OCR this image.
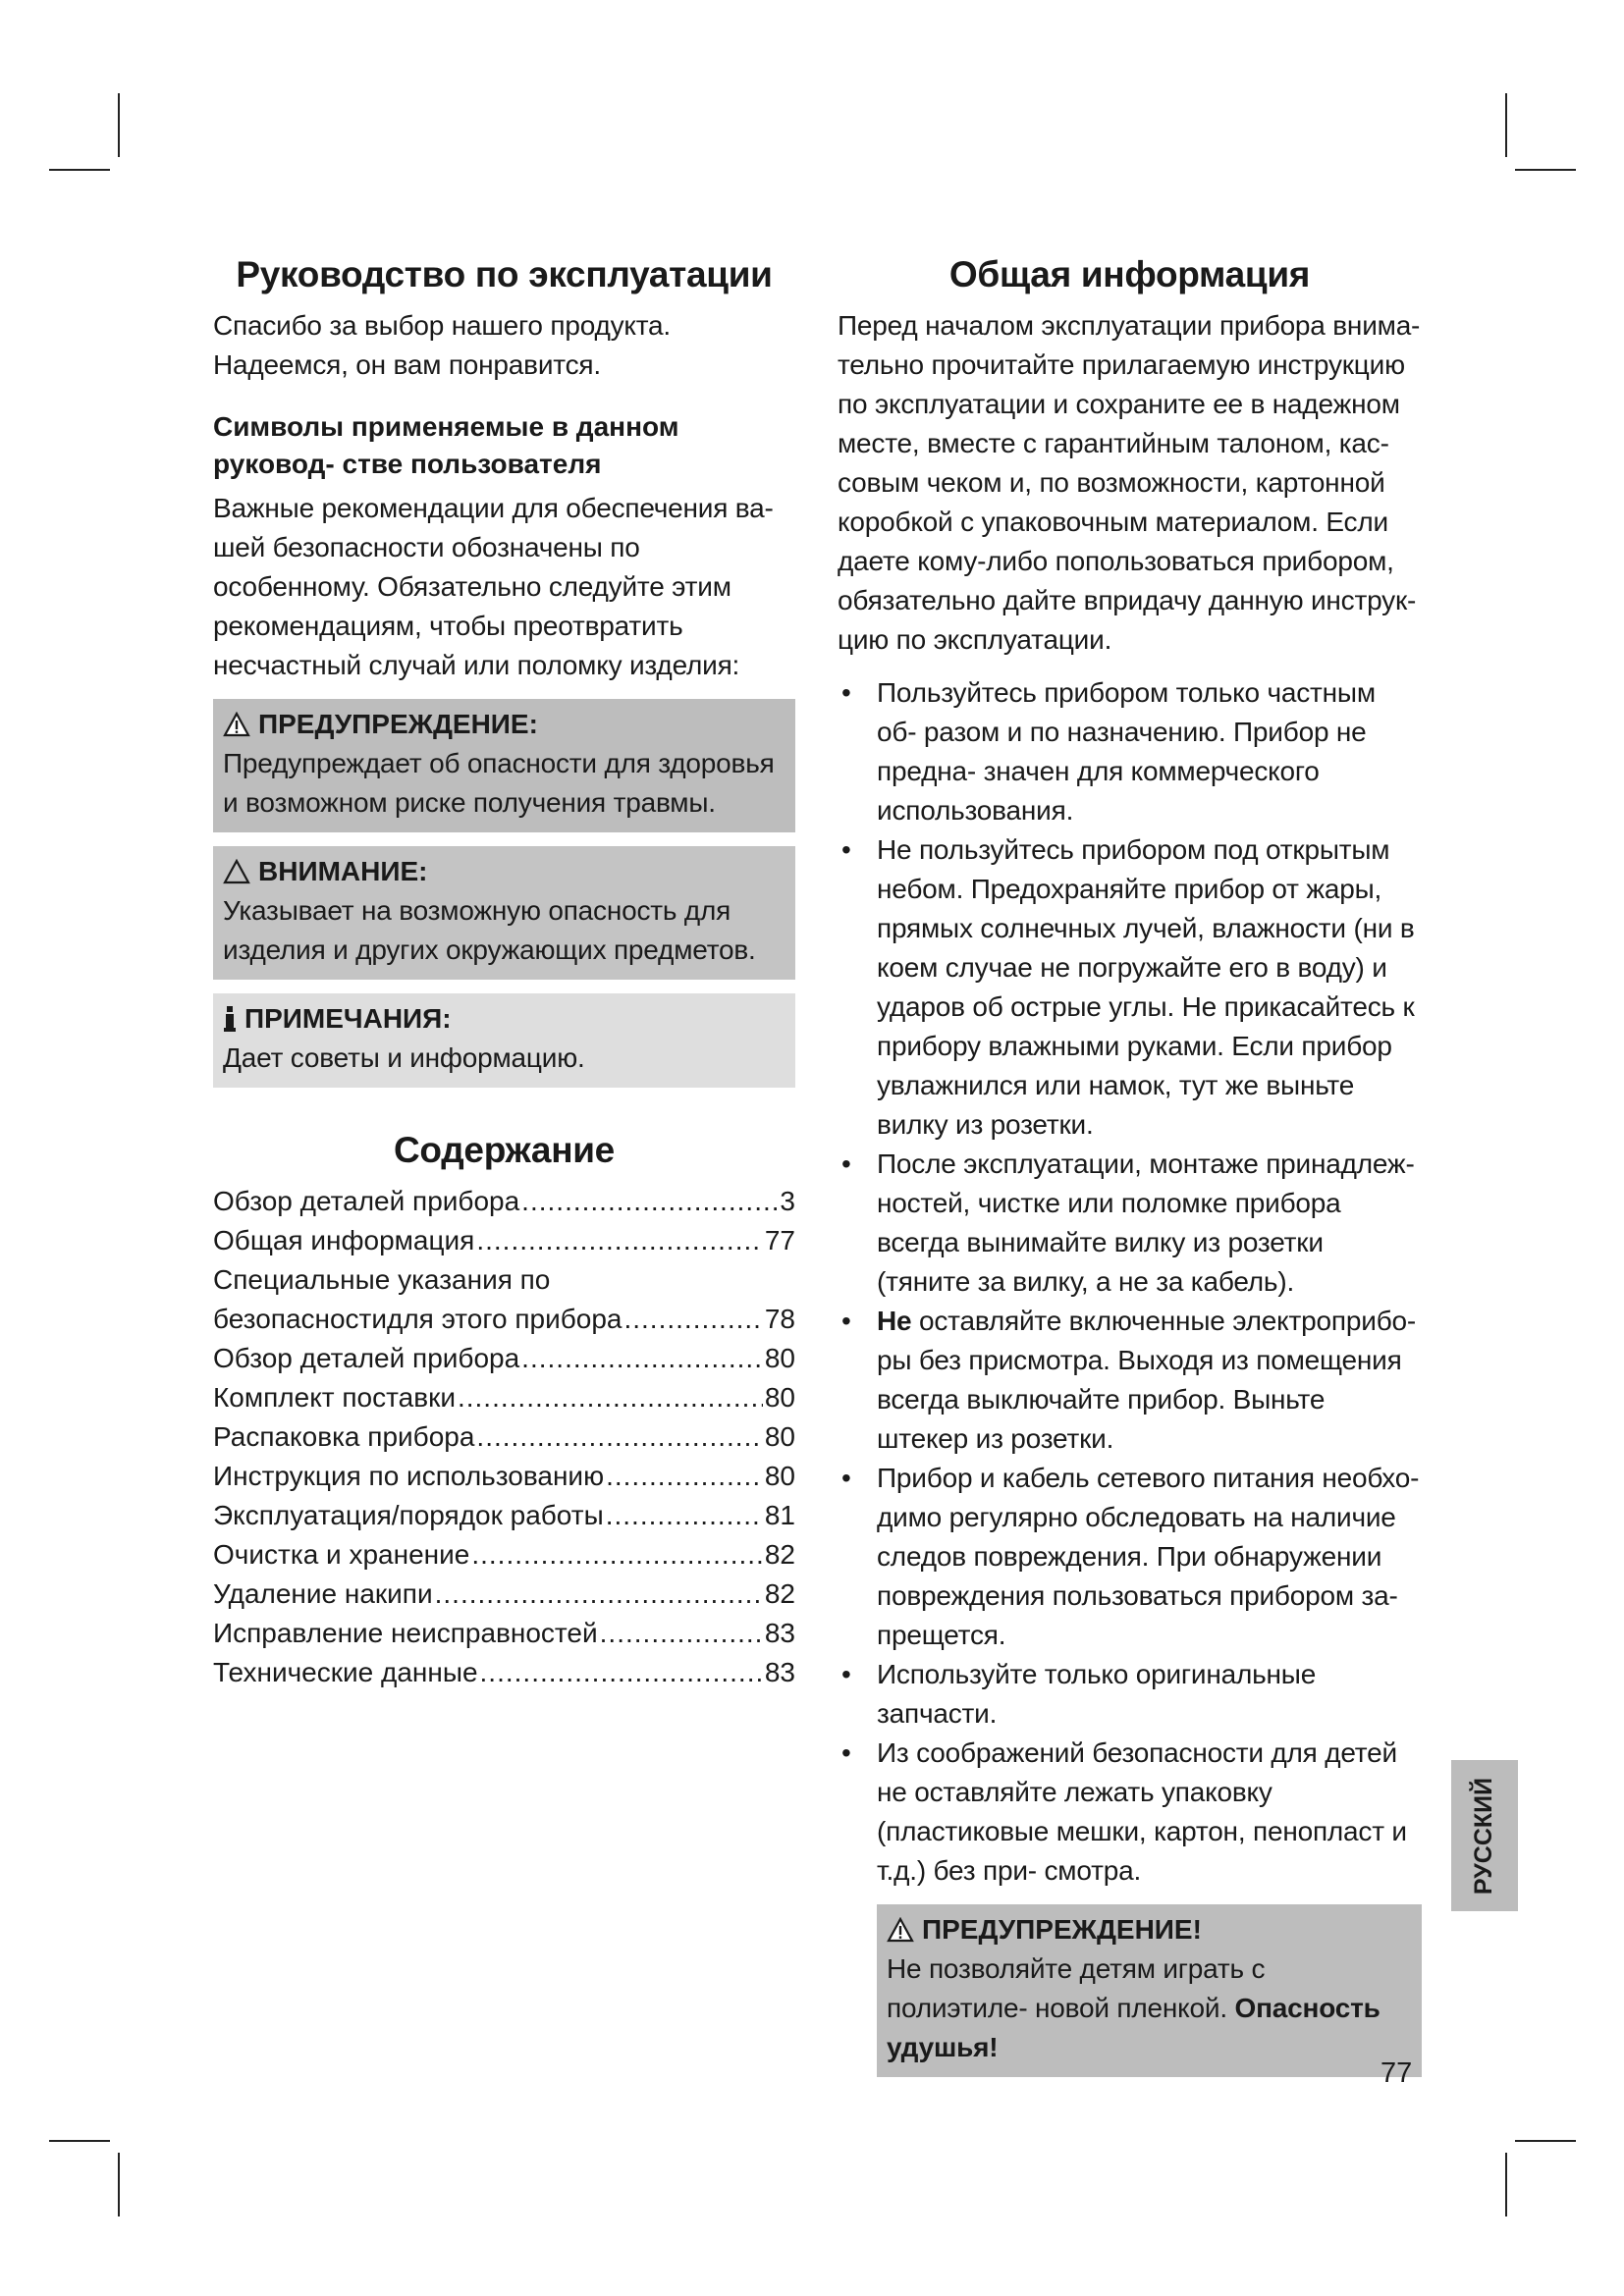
Руководство по эксплуатации

Спасибо за выбор нашего продукта. Надеемся, он вам понравится.

Символы применяемые в данном руковод- стве пользователя

Важные рекомендации для обеспечения ва- шей безопасности обозначены по особенному. Обязательно следуйте этим рекомендациям, чтобы преотвратить несчастный случай или поломку изделия:

ПРЕДУПРЕЖДЕНИЕ:

Предупреждает об опасности для здоровья и возможном риске получения травмы.

ВНИМАНИЕ:

Указывает на возможную опасность для изделия и других окружающих предметов.

ПРИМЕЧАНИЯ:

Дает советы и информацию.

Содержание
Обзор деталей прибора .....	3
Общая информация .....	77
Специальные указания по
безопасностидля этого прибора .....	78
Обзор деталей прибора .....	80
Комплект поставки .....	80
Распаковка прибора .....	80
Инструкция по использованию .....	80
Эксплуатация/порядок работы .....	81
Очистка и хранение .....	82
Удаление накипи .....	82
Исправление неисправностей .....	83
Технические данные .....	83
Общая информация

Перед началом эксплуатации прибора внима- тельно прочитайте прилагаемую инструкцию по эксплуатации и сохраните ее в надежном месте, вместе с гарантийным талоном, кас- совым чеком и, по возможности, картонной коробкой с упаковочным материалом. Если даете кому-либо попользоваться прибором, обязательно дайте впридачу данную инструк- цию по эксплуатации.

• Пользуйтесь прибором только частным об- разом и по назначению. Прибор не предна- значен для коммерческого использования.
• Не пользуйтесь прибором под открытым небом. Предохраняйте прибор от жары, прямых солнечных лучей, влажности (ни в коем случае не погружайте его в воду) и ударов об острые углы. Не прикасайтесь к прибору влажными руками. Если прибор увлажнился или намок, тут же выньте вилку из розетки.
• После эксплуатации, монтаже принадлеж- ностей, чистке или поломке прибора всегда вынимайте вилку из розетки (тяните за вилку, а не за кабель).
• Не оставляйте включенные электроприбо- ры без присмотра. Выходя из помещения всегда выключайте прибор. Выньте штекер из розетки.
• Прибор и кабель сетевого питания необхо- димо регулярно обследовать на наличие следов повреждения. При обнаружении повреждения пользоваться прибором за- прещется.
• Используйте только оригинальные запчасти.
• Из соображений безопасности для детей не оставляйте лежать упаковку (пластиковые мешки, картон, пенопласт и т.д.) без при- смотра.
ПРЕДУПРЕЖДЕНИЕ!

Не позволяйте детям играть с полиэтиле- новой пленкой. Опасность удушья!

РУССКИЙ
77
